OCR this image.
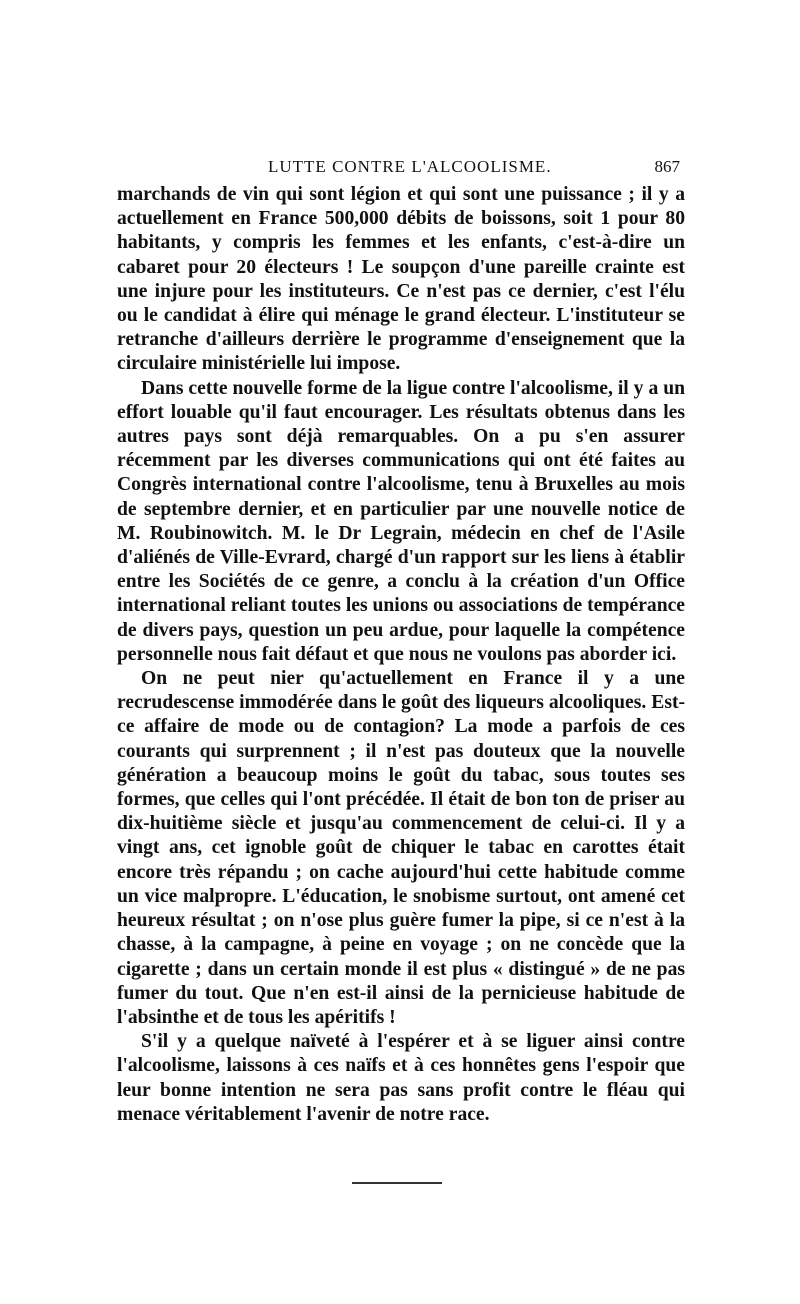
LUTTE CONTRE L'ALCOOLISME.	867

marchands de vin qui sont légion et qui sont une puissance ; il y a actuellement en France 500,000 débits de boissons, soit 1 pour 80 habitants, y compris les femmes et les enfants, c'est-à-dire un cabaret pour 20 électeurs ! Le soupçon d'une pareille crainte est une injure pour les instituteurs. Ce n'est pas ce dernier, c'est l'élu ou le candidat à élire qui ménage le grand électeur. L'instituteur se retranche d'ailleurs derrière le programme d'enseignement que la circulaire ministérielle lui impose.

Dans cette nouvelle forme de la ligue contre l'alcoolisme, il y a un effort louable qu'il faut encourager. Les résultats obtenus dans les autres pays sont déjà remarquables. On a pu s'en assurer récemment par les diverses communications qui ont été faites au Congrès international contre l'alcoolisme, tenu à Bruxelles au mois de septembre dernier, et en particulier par une nouvelle notice de M. Roubinowitch. M. le Dr Legrain, médecin en chef de l'Asile d'aliénés de Ville-Evrard, chargé d'un rapport sur les liens à établir entre les Sociétés de ce genre, a conclu à la création d'un Office international reliant toutes les unions ou associations de tempérance de divers pays, question un peu ardue, pour laquelle la compétence personnelle nous fait défaut et que nous ne voulons pas aborder ici.

On ne peut nier qu'actuellement en France il y a une recrudescense immodérée dans le goût des liqueurs alcooliques. Est-ce affaire de mode ou de contagion? La mode a parfois de ces courants qui surprennent ; il n'est pas douteux que la nouvelle génération a beaucoup moins le goût du tabac, sous toutes ses formes, que celles qui l'ont précédée. Il était de bon ton de priser au dix-huitième siècle et jusqu'au commencement de celui-ci. Il y a vingt ans, cet ignoble goût de chiquer le tabac en carottes était encore très répandu ; on cache aujourd'hui cette habitude comme un vice malpropre. L'éducation, le snobisme surtout, ont amené cet heureux résultat ; on n'ose plus guère fumer la pipe, si ce n'est à la chasse, à la campagne, à peine en voyage ; on ne concède que la cigarette ; dans un certain monde il est plus « distingué » de ne pas fumer du tout. Que n'en est-il ainsi de la pernicieuse habitude de l'absinthe et de tous les apéritifs !

S'il y a quelque naïveté à l'espérer et à se liguer ainsi contre l'alcoolisme, laissons à ces naïfs et à ces honnêtes gens l'espoir que leur bonne intention ne sera pas sans profit contre le fléau qui menace véritablement l'avenir de notre race.
